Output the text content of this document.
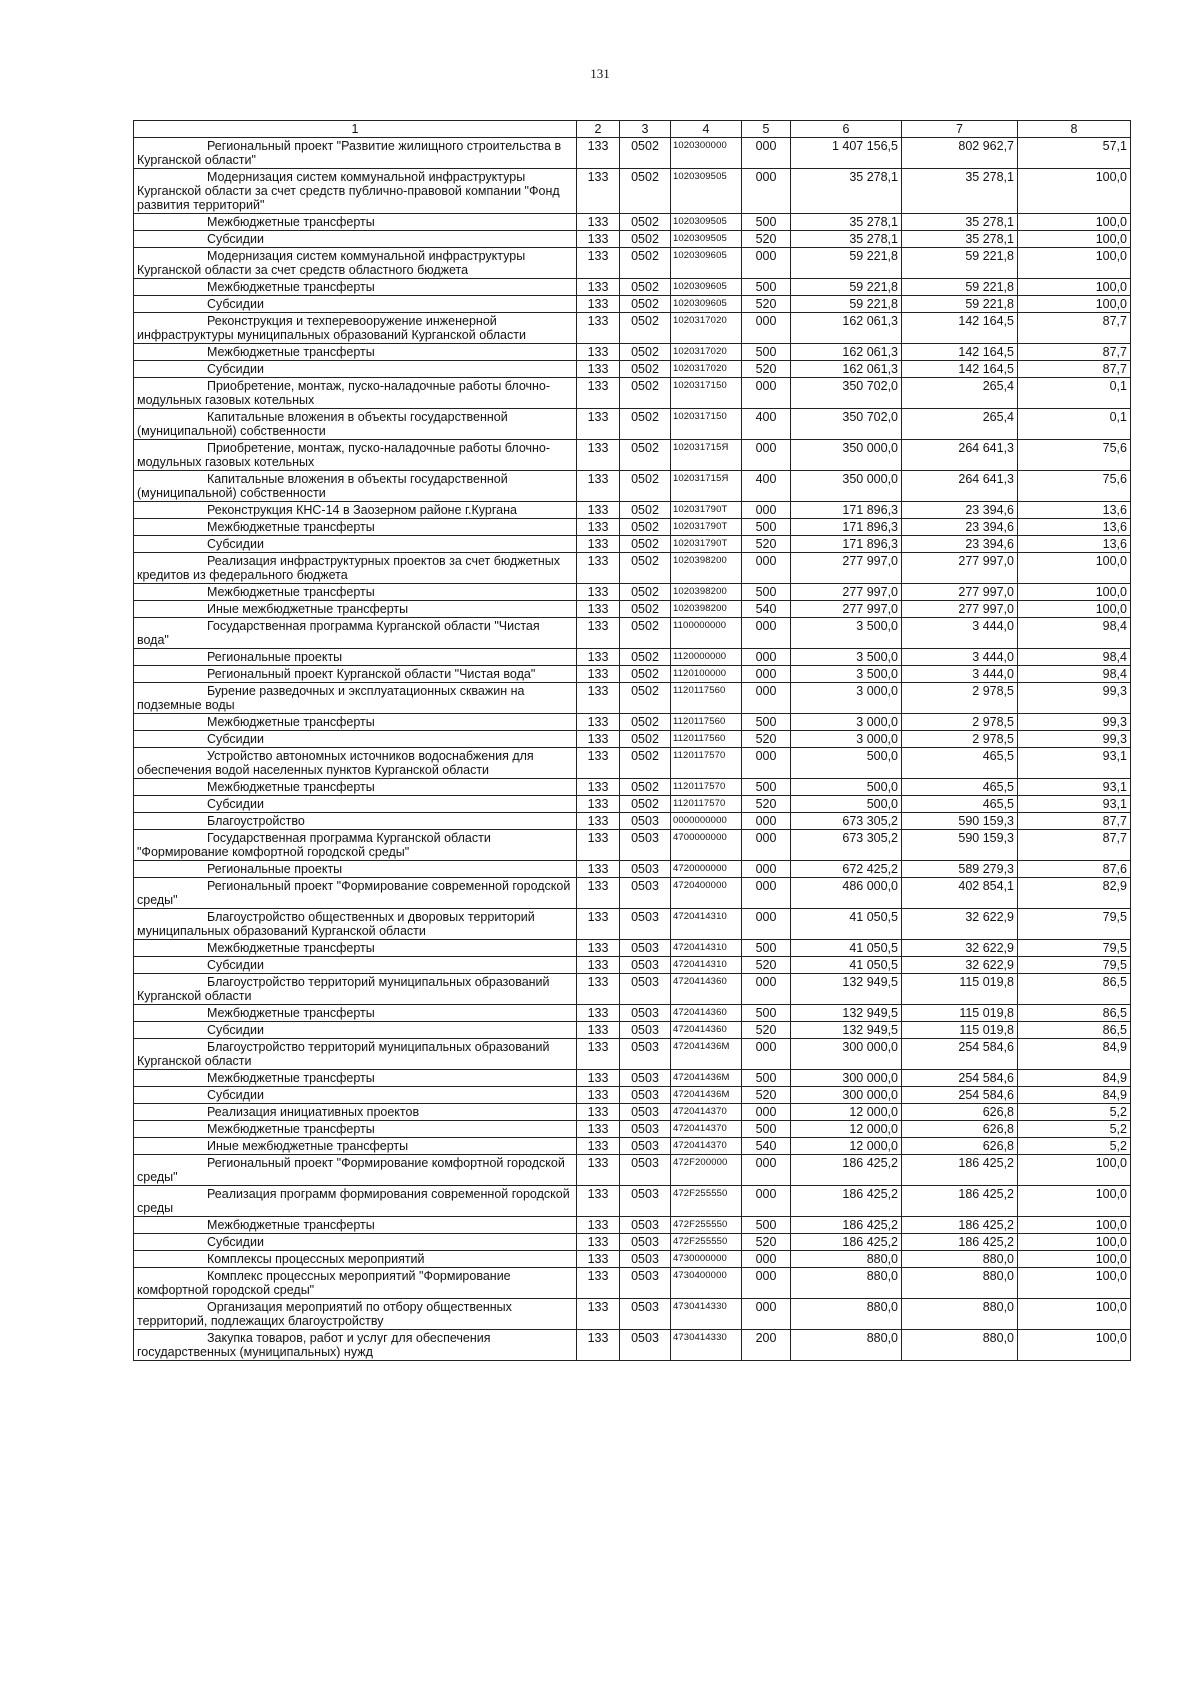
131
1	2	3	4	5	6	7	8

Региональный проект "Развитие жилищного строительства в Курганской области"	133	0502	1020300000	000	1 407 156,5	802 962,7	57,1

Модернизация систем коммунальной инфраструктуры Курганской области за счет средств публично-правовой компании "Фонд развития территорий"	133	0502	1020309505	000	35 278,1	35 278,1	100,0

Межбюджетные трансферты	133	0502	1020309505	500	35 278,1	35 278,1	100,0

Субсидии	133	0502	1020309505	520	35 278,1	35 278,1	100,0

Модернизация систем коммунальной инфраструктуры Курганской области за счет средств областного бюджета	133	0502	1020309605	000	59 221,8	59 221,8	100,0

Межбюджетные трансферты	133	0502	1020309605	500	59 221,8	59 221,8	100,0

Субсидии	133	0502	1020309605	520	59 221,8	59 221,8	100,0

Реконструкция и техперевооружение инженерной инфраструктуры муниципальных образований Курганской области	133	0502	1020317020	000	162 061,3	142 164,5	87,7

Межбюджетные трансферты	133	0502	1020317020	500	162 061,3	142 164,5	87,7

Субсидии	133	0502	1020317020	520	162 061,3	142 164,5	87,7

Приобретение, монтаж, пуско-наладочные работы блочно-модульных газовых котельных	133	0502	1020317150	000	350 702,0	265,4	0,1

Капитальные вложения в объекты государственной (муниципальной) собственности	133	0502	1020317150	400	350 702,0	265,4	0,1

Приобретение, монтаж, пуско-наладочные работы блочно-модульных газовых котельных	133	0502	102031715Я	000	350 000,0	264 641,3	75,6

Капитальные вложения в объекты государственной (муниципальной) собственности	133	0502	102031715Я	400	350 000,0	264 641,3	75,6

Реконструкция КНС-14 в Заозерном районе г.Кургана	133	0502	102031790Т	000	171 896,3	23 394,6	13,6

Межбюджетные трансферты	133	0502	102031790Т	500	171 896,3	23 394,6	13,6

Субсидии	133	0502	102031790Т	520	171 896,3	23 394,6	13,6

Реализация инфраструктурных проектов за счет бюджетных кредитов из федерального бюджета	133	0502	1020398200	000	277 997,0	277 997,0	100,0

Межбюджетные трансферты	133	0502	1020398200	500	277 997,0	277 997,0	100,0

Иные межбюджетные трансферты	133	0502	1020398200	540	277 997,0	277 997,0	100,0

Государственная программа Курганской области "Чистая вода"	133	0502	1100000000	000	3 500,0	3 444,0	98,4

Региональные проекты	133	0502	1120000000	000	3 500,0	3 444,0	98,4

Региональный проект Курганской области "Чистая вода"	133	0502	1120100000	000	3 500,0	3 444,0	98,4

Бурение разведочных и эксплуатационных скважин на подземные воды	133	0502	1120117560	000	3 000,0	2 978,5	99,3

Межбюджетные трансферты	133	0502	1120117560	500	3 000,0	2 978,5	99,3

Субсидии	133	0502	1120117560	520	3 000,0	2 978,5	99,3

Устройство автономных источников водоснабжения для обеспечения водой населенных пунктов Курганской области	133	0502	1120117570	000	500,0	465,5	93,1

Межбюджетные трансферты	133	0502	1120117570	500	500,0	465,5	93,1

Субсидии	133	0502	1120117570	520	500,0	465,5	93,1

Благоустройство	133	0503	0000000000	000	673 305,2	590 159,3	87,7

Государственная программа Курганской области "Формирование комфортной городской среды"	133	0503	4700000000	000	673 305,2	590 159,3	87,7

Региональные проекты	133	0503	4720000000	000	672 425,2	589 279,3	87,6

Региональный проект "Формирование современной городской среды"	133	0503	4720400000	000	486 000,0	402 854,1	82,9

Благоустройство общественных и дворовых территорий муниципальных образований Курганской области	133	0503	4720414310	000	41 050,5	32 622,9	79,5

Межбюджетные трансферты	133	0503	4720414310	500	41 050,5	32 622,9	79,5

Субсидии	133	0503	4720414310	520	41 050,5	32 622,9	79,5

Благоустройство территорий муниципальных образований Курганской области	133	0503	4720414360	000	132 949,5	115 019,8	86,5

Межбюджетные трансферты	133	0503	4720414360	500	132 949,5	115 019,8	86,5

Субсидии	133	0503	4720414360	520	132 949,5	115 019,8	86,5

Благоустройство территорий муниципальных образований Курганской области	133	0503	472041436М	000	300 000,0	254 584,6	84,9

Межбюджетные трансферты	133	0503	472041436М	500	300 000,0	254 584,6	84,9

Субсидии	133	0503	472041436М	520	300 000,0	254 584,6	84,9

Реализация инициативных проектов	133	0503	4720414370	000	12 000,0	626,8	5,2

Межбюджетные трансферты	133	0503	4720414370	500	12 000,0	626,8	5,2

Иные межбюджетные трансферты	133	0503	4720414370	540	12 000,0	626,8	5,2

Региональный проект "Формирование комфортной городской среды"	133	0503	472F200000	000	186 425,2	186 425,2	100,0

Реализация программ формирования современной городской среды	133	0503	472F255550	000	186 425,2	186 425,2	100,0

Межбюджетные трансферты	133	0503	472F255550	500	186 425,2	186 425,2	100,0

Субсидии	133	0503	472F255550	520	186 425,2	186 425,2	100,0

Комплексы процессных мероприятий	133	0503	4730000000	000	880,0	880,0	100,0

Комплекс процессных мероприятий "Формирование комфортной городской среды"	133	0503	4730400000	000	880,0	880,0	100,0

Организация мероприятий по отбору общественных территорий, подлежащих благоустройству	133	0503	4730414330	000	880,0	880,0	100,0

Закупка товаров, работ и услуг для обеспечения государственных (муниципальных) нужд	133	0503	4730414330	200	880,0	880,0	100,0
